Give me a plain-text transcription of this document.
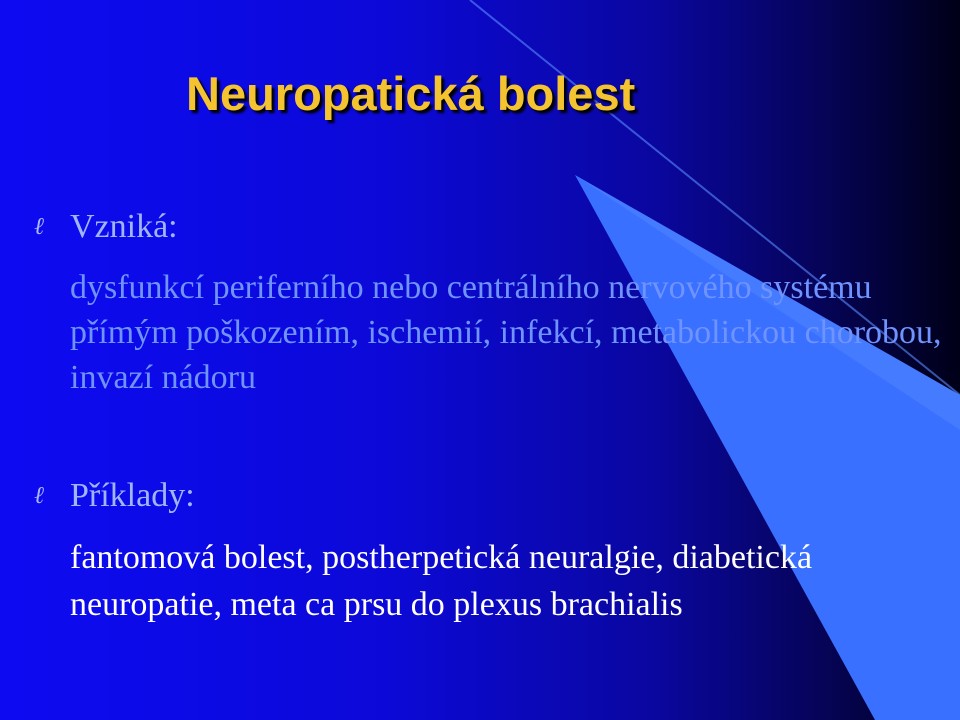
Neuropatická bolest
ℓ Vzniká:

dysfunkcí periferního nebo centrálního nervového systému přímým poškozením, ischemií, infekcí, metabolickou chorobou, invazí nádoru

ℓ Příklady:

fantomová bolest, postherpetická neuralgie, diabetická neuropatie, meta ca prsu do plexus brachialis
